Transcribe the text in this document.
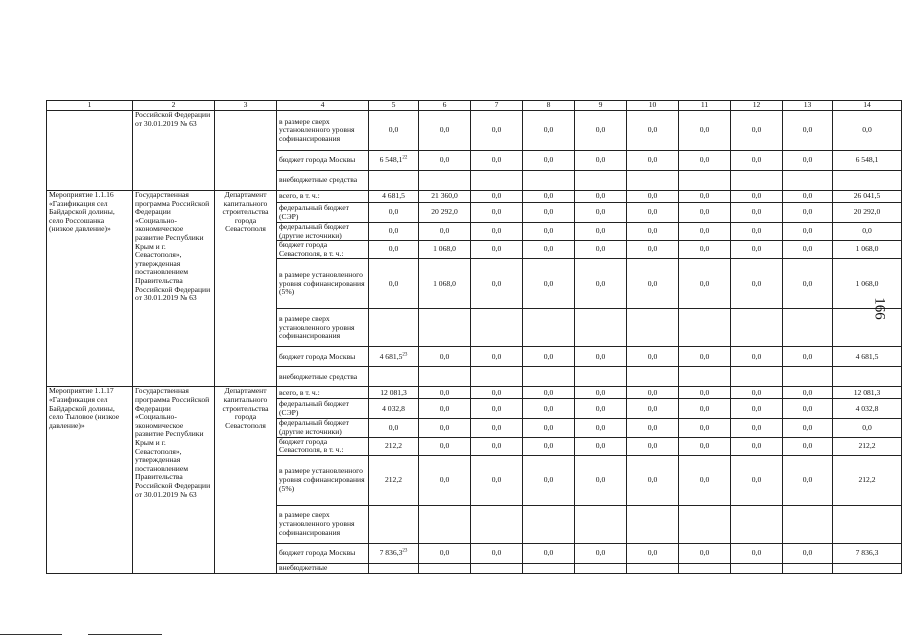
1	2	3	4	5	6	7	8	9	10	11	12	13	14
	Российской Федерации от 30.01.2019 № 63		в размере сверх установленного уровня софинансирования	0,0	0,0	0,0	0,0	0,0	0,0	0,0	0,0	0,0	0,0
			бюджет города Москвы	6 548,1$^{22}$	0,0	0,0	0,0	0,0	0,0	0,0	0,0	0,0	6 548,1
			внебюджетные средства										
Мероприятие 1.1.16 «Газификация сел Байдарской долины, село Россошанка (низкое давление)»	Государственная программа Российской Федерации «Социально-экономическое развитие Республики Крым и г. Севастополя», утвержденная постановлением Правительства Российской Федерации от 30.01.2019 № 63	Департамент капитального строительства города Севастополя	всего, в т. ч.:	4 681,5	21 360,0	0,0	0,0	0,0	0,0	0,0	0,0	0,0	26 041,5
			федеральный бюджет (СЭР)	0,0	20 292,0	0,0	0,0	0,0	0,0	0,0	0,0	0,0	20 292,0
			федеральный бюджет (другие источники)	0,0	0,0	0,0	0,0	0,0	0,0	0,0	0,0	0,0	0,0
			бюджет города Севастополя, в т. ч.:	0,0	1 068,0	0,0	0,0	0,0	0,0	0,0	0,0	0,0	1 068,0
			в размере установленного уровня софинансирования (5%)	0,0	1 068,0	0,0	0,0	0,0	0,0	0,0	0,0	0,0	1 068,0
			в размере сверх установленного уровня софинансирования										
			бюджет города Москвы	4 681,5$^{23}$	0,0	0,0	0,0	0,0	0,0	0,0	0,0	0,0	4 681,5
			внебюджетные средства										
Мероприятие 1.1.17 «Газификация сел Байдарской долины, село Тыловое (низкое давление)»	Государственная программа Российской Федерации «Социально-экономическое развитие Республики Крым и г. Севастополя», утвержденная постановлением Правительства Российской Федерации от 30.01.2019 № 63	Департамент капитального строительства города Севастополя	всего, в т. ч.:	12 081,3	0,0	0,0	0,0	0,0	0,0	0,0	0,0	0,0	12 081,3
			федеральный бюджет (СЭР)	4 032,8	0,0	0,0	0,0	0,0	0,0	0,0	0,0	0,0	4 032,8
			федеральный бюджет (другие источники)	0,0	0,0	0,0	0,0	0,0	0,0	0,0	0,0	0,0	0,0
			бюджет города Севастополя, в т. ч.:	212,2	0,0	0,0	0,0	0,0	0,0	0,0	0,0	0,0	212,2
			в размере установленного уровня софинансирования (5%)	212,2	0,0	0,0	0,0	0,0	0,0	0,0	0,0	0,0	212,2
			в размере сверх установленного уровня софинансирования										
			бюджет города Москвы	7 836,3$^{23}$	0,0	0,0	0,0	0,0	0,0	0,0	0,0	0,0	7 836,3
			внебюджетные										
166
